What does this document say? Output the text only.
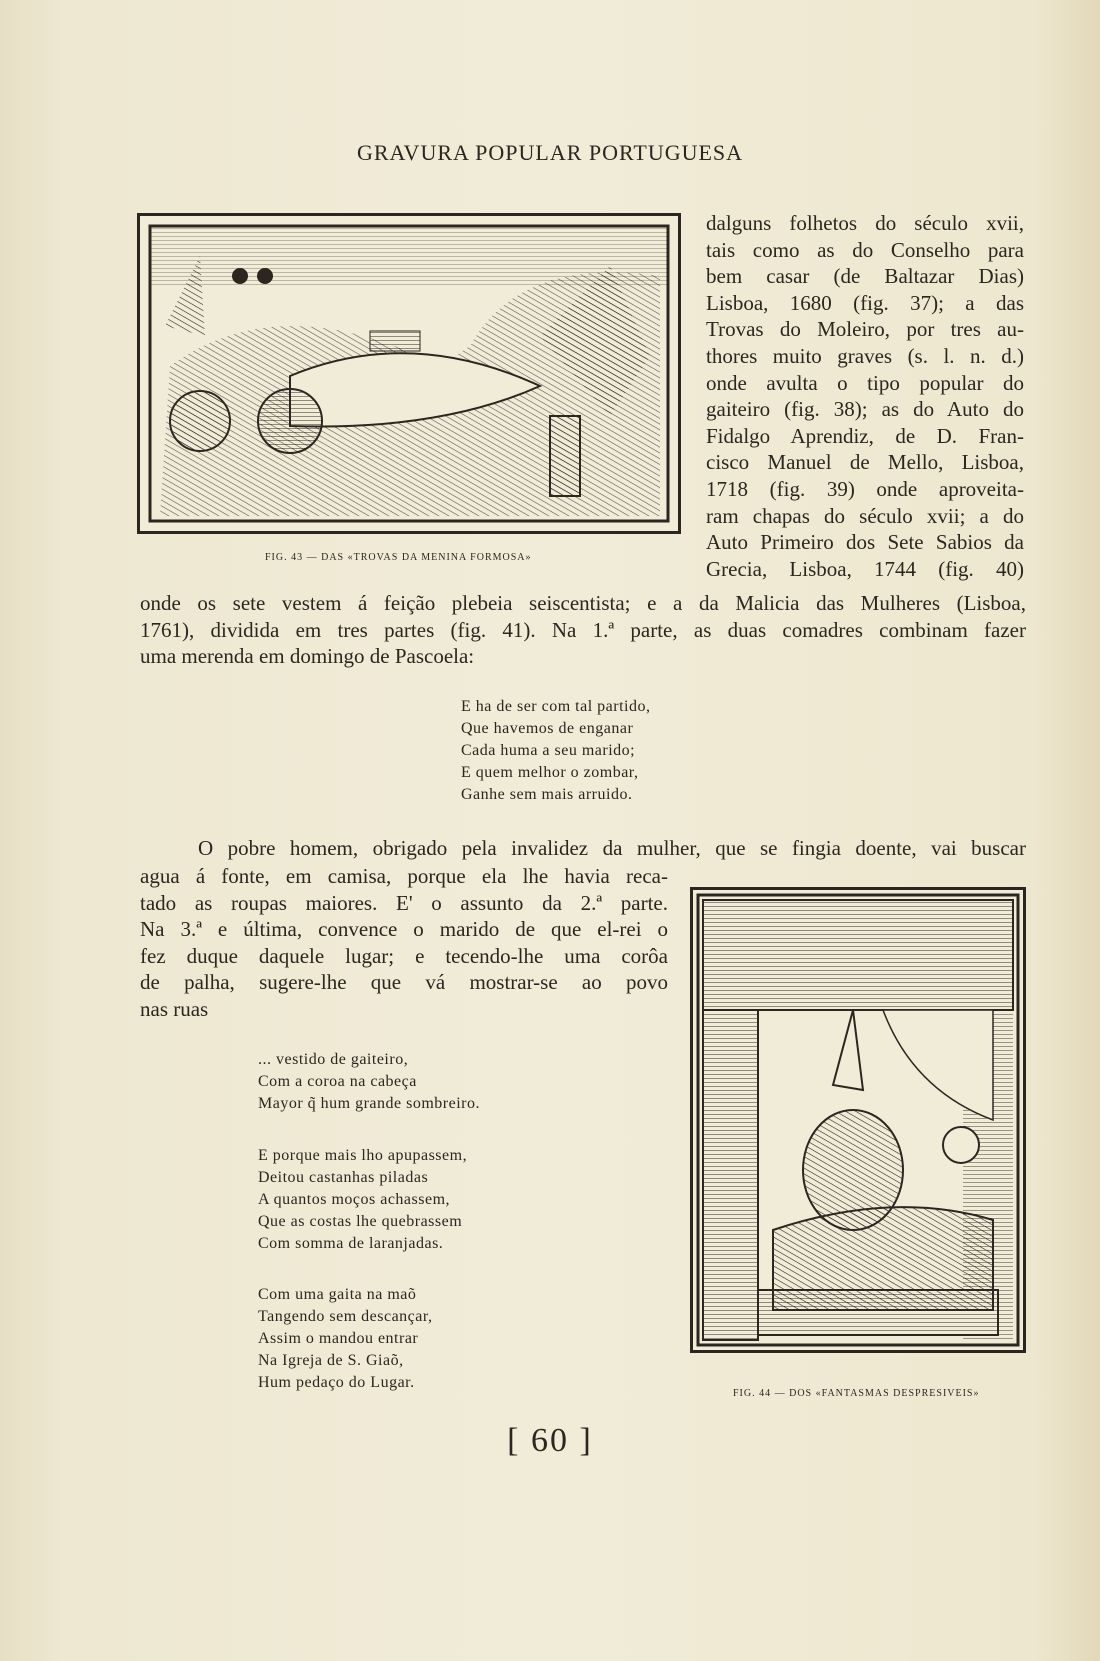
GRAVURA POPULAR PORTUGUESA
FIG. 43 — DAS «TROVAS DA MENINA FORMOSA»
dalguns folhetos do século xvii,
tais como as do Conselho para
bem casar (de Baltazar Dias)
Lisboa, 1680 (fig. 37); a das
Trovas do Moleiro, por tres au-
thores muito graves (s. l. n. d.)
onde avulta o tipo popular do
gaiteiro (fig. 38); as do Auto do
Fidalgo Aprendiz, de D. Fran-
cisco Manuel de Mello, Lisboa,
1718 (fig. 39) onde aproveita-
ram chapas do século xvii; a do
Auto Primeiro dos Sete Sabios da
Grecia, Lisboa, 1744 (fig. 40)
onde os sete vestem á feição plebeia seiscentista; e a da Malicia das Mulheres (Lisboa,
1761), dividida em tres partes (fig. 41). Na 1.ª parte, as duas comadres combinam fazer
uma merenda em domingo de Pascoela:
E ha de ser com tal partido,
Que havemos de enganar
Cada huma a seu marido;
E quem melhor o zombar,
Ganhe sem mais arruido.
O pobre homem, obrigado pela invalidez da mulher, que se fingia doente, vai buscar
agua á fonte, em camisa, porque ela lhe havia reca-
tado as roupas maiores. E' o assunto da 2.ª parte.
Na 3.ª e última, convence o marido de que el-rei o
fez duque daquele lugar; e tecendo-lhe uma corôa
de palha, sugere-lhe que vá mostrar-se ao povo
nas ruas
FIG. 44 — DOS «FANTASMAS DESPRESIVEIS»
... vestido de gaiteiro,
Com a coroa na cabeça
Mayor q̃ hum grande sombreiro.
E porque mais lho apupassem,
Deitou castanhas piladas
A quantos moços achassem,
Que as costas lhe quebrassem
Com somma de laranjadas.
Com uma gaita na maõ
Tangendo sem descançar,
Assim o mandou entrar
Na Igreja de S. Giaõ,
Hum pedaço do Lugar.
[ 60 ]
